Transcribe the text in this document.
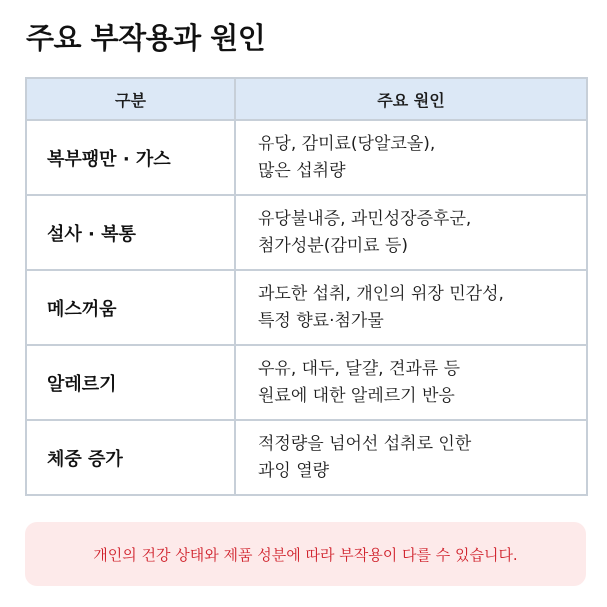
주요 부작용과 원인
구분	주요 원인
복부팽만 · 가스	유당, 감미료(당알코올),
많은 섭취량

설사 · 복통	유당불내증, 과민성장증후군,
첨가성분(감미료 등)

메스꺼움	과도한 섭취, 개인의 위장 민감성,
특정 향료·첨가물

알레르기	우유, 대두, 달걀, 견과류 등
원료에 대한 알레르기 반응

체중 증가	적정량을 넘어선 섭취로 인한
과잉 열량
개인의 건강 상태와 제품 성분에 따라 부작용이 다를 수 있습니다.
